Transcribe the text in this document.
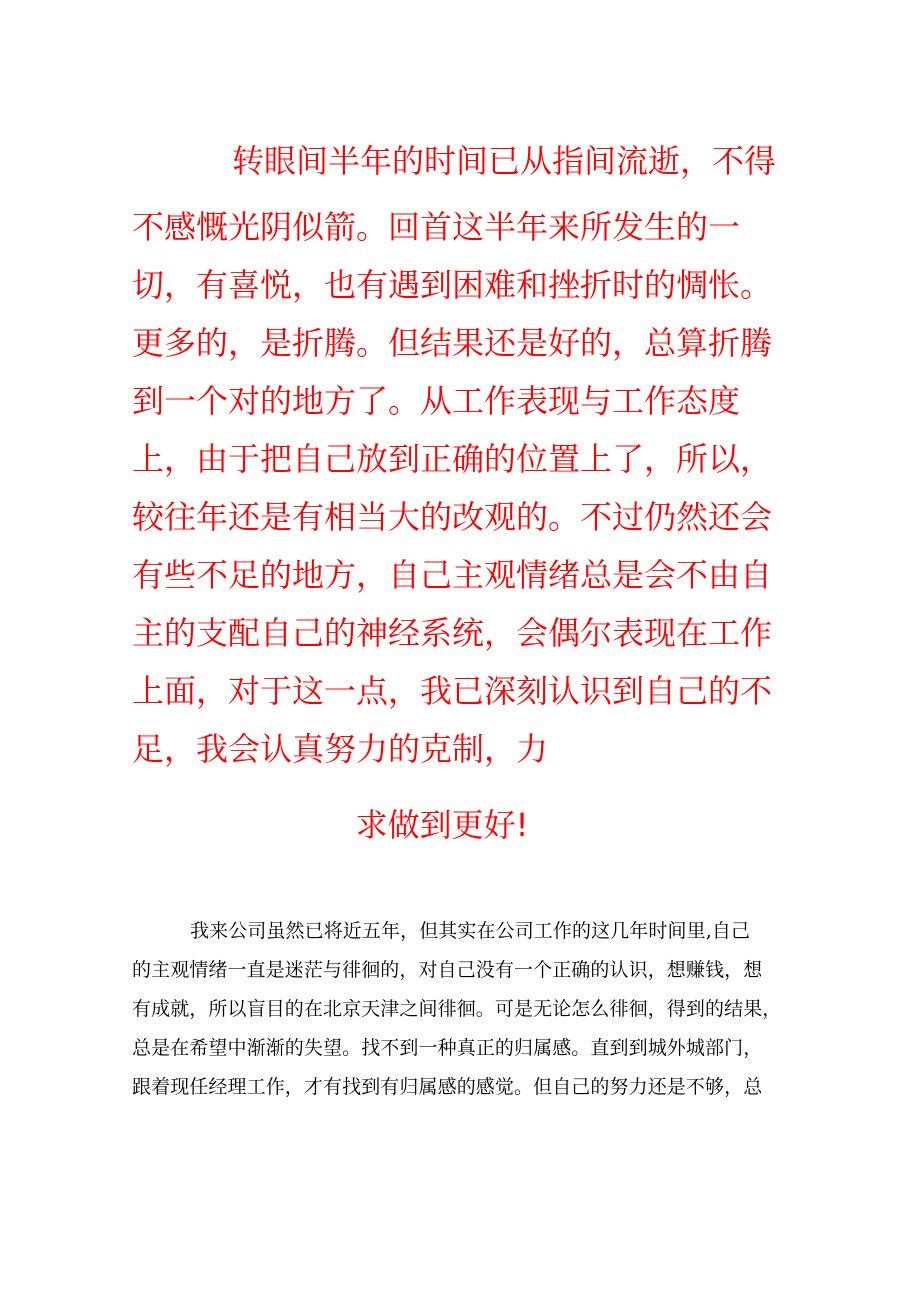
转眼间半年的时间已从指间流逝，不得

不感慨光阴似箭。回首这半年来所发生的一

切，有喜悦，也有遇到困难和挫折时的惆怅。

更多的，是折腾。但结果还是好的，总算折腾

到一个对的地方了。从工作表现与工作态度

上，由于把自己放到正确的位置上了，所以，

较往年还是有相当大的改观的。不过仍然还会

有些不足的地方，自己主观情绪总是会不由自

主的支配自己的神经系统，会偶尔表现在工作

上面，对于这一点，我已深刻认识到自己的不

足，我会认真努力的克制，力

求做到更好!

我来公司虽然已将近五年，但其实在公司工作的这几年时间里,自己

的主观情绪一直是迷茫与徘徊的，对自己没有一个正确的认识，想赚钱，想

有成就，所以盲目的在北京天津之间徘徊。可是无论怎么徘徊，得到的结果，

总是在希望中渐渐的失望。找不到一种真正的归属感。直到到城外城部门，

跟着现任经理工作，才有找到有归属感的感觉。但自己的努力还是不够，总
